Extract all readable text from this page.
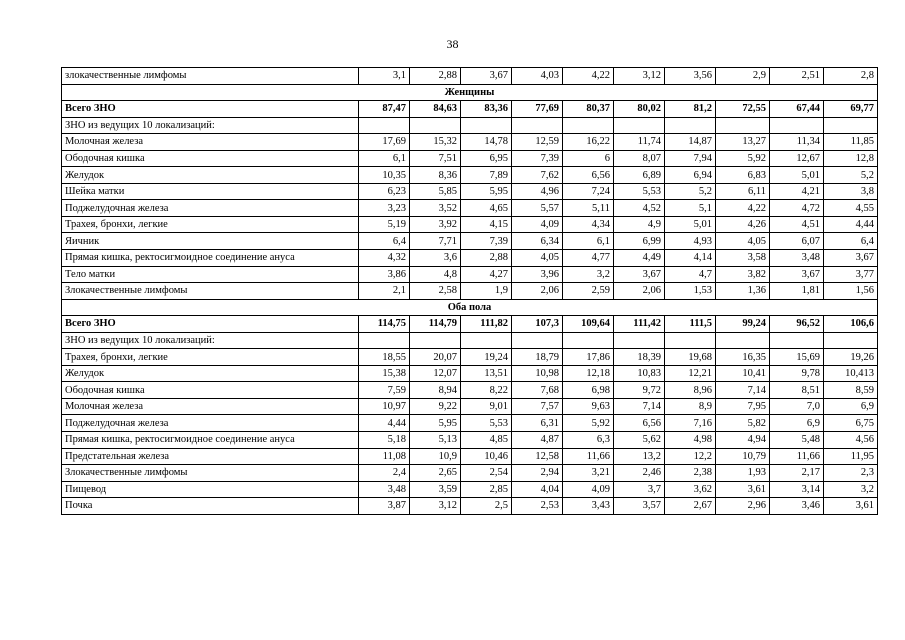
38
злокачественные лимфомы	3,1	2,88	3,67	4,03	4,22	3,12	3,56	2,9	2,51	2,8
Женщины										
Всего ЗНО	87,47	84,63	83,36	77,69	80,37	80,02	81,2	72,55	67,44	69,77
ЗНО из ведущих 10 локализаций:										
Молочная железа	17,69	15,32	14,78	12,59	16,22	11,74	14,87	13,27	11,34	11,85
Ободочная кишка	6,1	7,51	6,95	7,39	6	8,07	7,94	5,92	12,67	12,8
Желудок	10,35	8,36	7,89	7,62	6,56	6,89	6,94	6,83	5,01	5,2
Шейка матки	6,23	5,85	5,95	4,96	7,24	5,53	5,2	6,11	4,21	3,8
Поджелудочная железа	3,23	3,52	4,65	5,57	5,11	4,52	5,1	4,22	4,72	4,55
Трахея, бронхи, легкие	5,19	3,92	4,15	4,09	4,34	4,9	5,01	4,26	4,51	4,44
Яичник	6,4	7,71	7,39	6,34	6,1	6,99	4,93	4,05	6,07	6,4
Прямая кишка, ректосигмоидное соединение ануса	4,32	3,6	2,88	4,05	4,77	4,49	4,14	3,58	3,48	3,67
Тело матки	3,86	4,8	4,27	3,96	3,2	3,67	4,7	3,82	3,67	3,77
Злокачественные лимфомы	2,1	2,58	1,9	2,06	2,59	2,06	1,53	1,36	1,81	1,56
Оба пола										
Всего ЗНО	114,75	114,79	111,82	107,3	109,64	111,42	111,5	99,24	96,52	106,6
ЗНО из ведущих 10 локализаций:										
Трахея, бронхи, легкие	18,55	20,07	19,24	18,79	17,86	18,39	19,68	16,35	15,69	19,26
Желудок	15,38	12,07	13,51	10,98	12,18	10,83	12,21	10,41	9,78	10,413
Ободочная кишка	7,59	8,94	8,22	7,68	6,98	9,72	8,96	7,14	8,51	8,59
Молочная железа	10,97	9,22	9,01	7,57	9,63	7,14	8,9	7,95	7,0	6,9
Поджелудочная железа	4,44	5,95	5,53	6,31	5,92	6,56	7,16	5,82	6,9	6,75
Прямая кишка, ректосигмоидное соединение ануса	5,18	5,13	4,85	4,87	6,3	5,62	4,98	4,94	5,48	4,56
Предстательная железа	11,08	10,9	10,46	12,58	11,66	13,2	12,2	10,79	11,66	11,95
Злокачественные лимфомы	2,4	2,65	2,54	2,94	3,21	2,46	2,38	1,93	2,17	2,3
Пищевод	3,48	3,59	2,85	4,04	4,09	3,7	3,62	3,61	3,14	3,2
Почка	3,87	3,12	2,5	2,53	3,43	3,57	2,67	2,96	3,46	3,61
